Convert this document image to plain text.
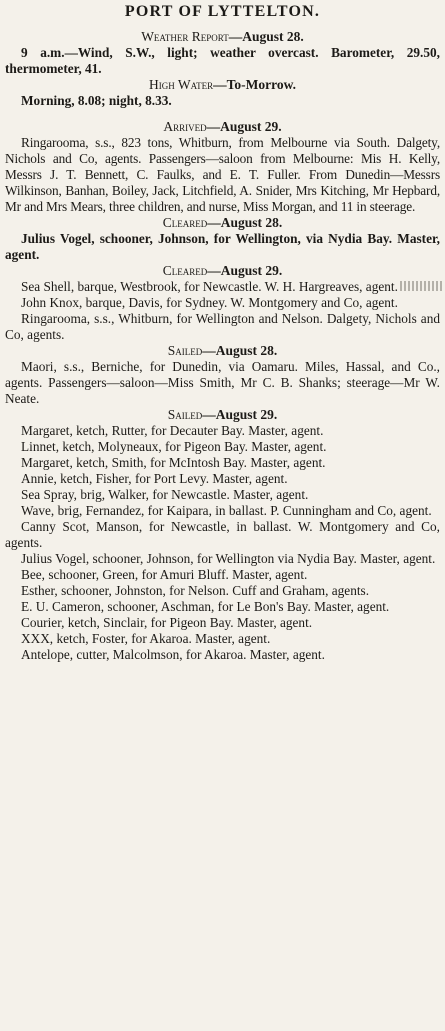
PORT OF LYTTELTON.
Weather Report—August 28.

9 a.m.—Wind, S.W., light; weather overcast. Barometer, 29.50, thermometer, 41.

High Water—To-Morrow.

Morning, 8.08; night, 8.33.

Arrived—August 29.

Ringarooma, s.s., 823 tons, Whitburn, from Melbourne via South. Dalgety, Nichols and Co, agents. Passengers—saloon from Melbourne: Mis H. Kelly, Messrs J. T. Bennett, C. Faulks, and E. T. Fuller. From Dunedin—Messrs Wilkinson, Banhan, Boiley, Jack, Litchfield, A. Snider, Mrs Kitching, Mr Hepbard, Mr and Mrs Mears, three children, and nurse, Miss Morgan, and 11 in steerage.

Cleared—August 28.

Julius Vogel, schooner, Johnson, for Wellington, via Nydia Bay. Master, agent.

Cleared—August 29.

Sea Shell, barque, Westbrook, for Newcastle. W. H. Hargreaves, agent.

John Knox, barque, Davis, for Sydney. W. Montgomery and Co, agent.

Ringarooma, s.s., Whitburn, for Wellington and Nelson. Dalgety, Nichols and Co, agents.

Sailed—August 28.

Maori, s.s., Berniche, for Dunedin, via Oamaru. Miles, Hassal, and Co., agents. Passengers—saloon—Miss Smith, Mr C. B. Shanks; steerage—Mr W. Neate.

Sailed—August 29.

Margaret, ketch, Rutter, for Decauter Bay. Master, agent.

Linnet, ketch, Molyneaux, for Pigeon Bay. Master, agent.

Margaret, ketch, Smith, for McIntosh Bay. Master, agent.

Annie, ketch, Fisher, for Port Levy. Master, agent.

Sea Spray, brig, Walker, for Newcastle. Master, agent.

Wave, brig, Fernandez, for Kaipara, in ballast. P. Cunningham and Co, agent.

Canny Scot, Manson, for Newcastle, in ballast. W. Montgomery and Co, agents.

Julius Vogel, schooner, Johnson, for Wellington via Nydia Bay. Master, agent.

Bee, schooner, Green, for Amuri Bluff. Master, agent.

Esther, schooner, Johnston, for Nelson. Cuff and Graham, agents.

E. U. Cameron, schooner, Aschman, for Le Bon's Bay. Master, agent.

Courier, ketch, Sinclair, for Pigeon Bay. Master, agent.

XXX, ketch, Foster, for Akaroa. Master, agent.

Antelope, cutter, Malcolmson, for Akaroa. Master, agent.
